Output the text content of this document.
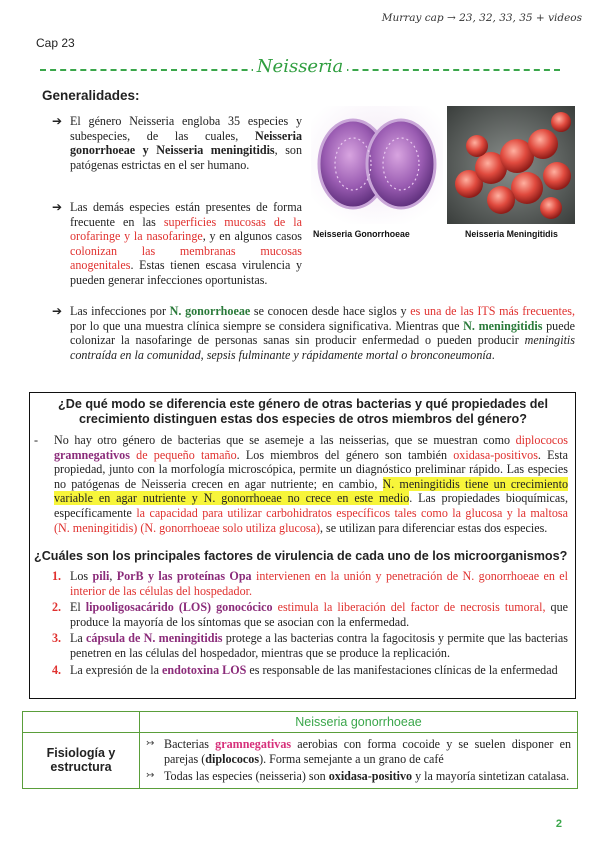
Murray cap → 23, 32, 33, 35 + videos
Cap 23
Neisseria
Generalidades:
➔ El género Neisseria engloba 35 especies y subespecies, de las cuales, Neisseria gonorrhoeae y Neisseria meningitidis, son patógenas estrictas en el ser humano.
➔ Las demás especies están presentes de forma frecuente en las superficies mucosas de la orofaringe y la nasofaringe, y en algunos casos colonizan las membranas mucosas anogenitales. Estas tienen escasa virulencia y pueden generar infecciones oportunistas.
➔ Las infecciones por N. gonorrhoeae se conocen desde hace siglos y es una de las ITS más frecuentes, por lo que una muestra clínica siempre se considera significativa. Mientras que N. meningitidis puede colonizar la nasofaringe de personas sanas sin producir enfermedad o pueden producir meningitis contraída en la comunidad, sepsis fulminante y rápidamente mortal o bronconeumonía.
Neisseria Gonorrhoeae	Neisseria Meningitidis
¿De qué modo se diferencia este género de otras bacterias y qué propiedades del crecimiento distinguen estas dos especies de otros miembros del género?
- No hay otro género de bacterias que se asemeje a las neisserias, que se muestran como diplococos gramnegativos de pequeño tamaño. Los miembros del género son también oxidasa-positivos. Esta propiedad, junto con la morfología microscópica, permite un diagnóstico preliminar rápido. Las especies no patógenas de Neisseria crecen en agar nutriente; en cambio, N. meningitidis tiene un crecimiento variable en agar nutriente y N. gonorrhoeae no crece en este medio. Las propiedades bioquímicas, específicamente la capacidad para utilizar carbohidratos específicos tales como la glucosa y la maltosa (N. meningitidis) (N. gonorrhoeae solo utiliza glucosa), se utilizan para diferenciar estas dos especies.
¿Cuáles son los principales factores de virulencia de cada uno de los microorganismos?
1. Los pili, PorB y las proteínas Opa intervienen en la unión y penetración de N. gonorrhoeae en el interior de las células del hospedador.
2. El lipooligosacárido (LOS) gonocócico estimula la liberación del factor de necrosis tumoral, que produce la mayoría de los síntomas que se asocian con la enfermedad.
3. La cápsula de N. meningitidis protege a las bacterias contra la fagocitosis y permite que las bacterias penetren en las células del hospedador, mientras que se produce la replicación.
4. La expresión de la endotoxina LOS es responsable de las manifestaciones clínicas de la enfermedad
	Neisseria gonorrhoeae
Fisiología y estructura	↣ Bacterias gramnegativas aerobias con forma cocoide y se suelen disponer en parejas (diplococos). Forma semejante a un grano de café
↣ Todas las especies (neisseria) son oxidasa-positivo y la mayoría sintetizan catalasa.
2
